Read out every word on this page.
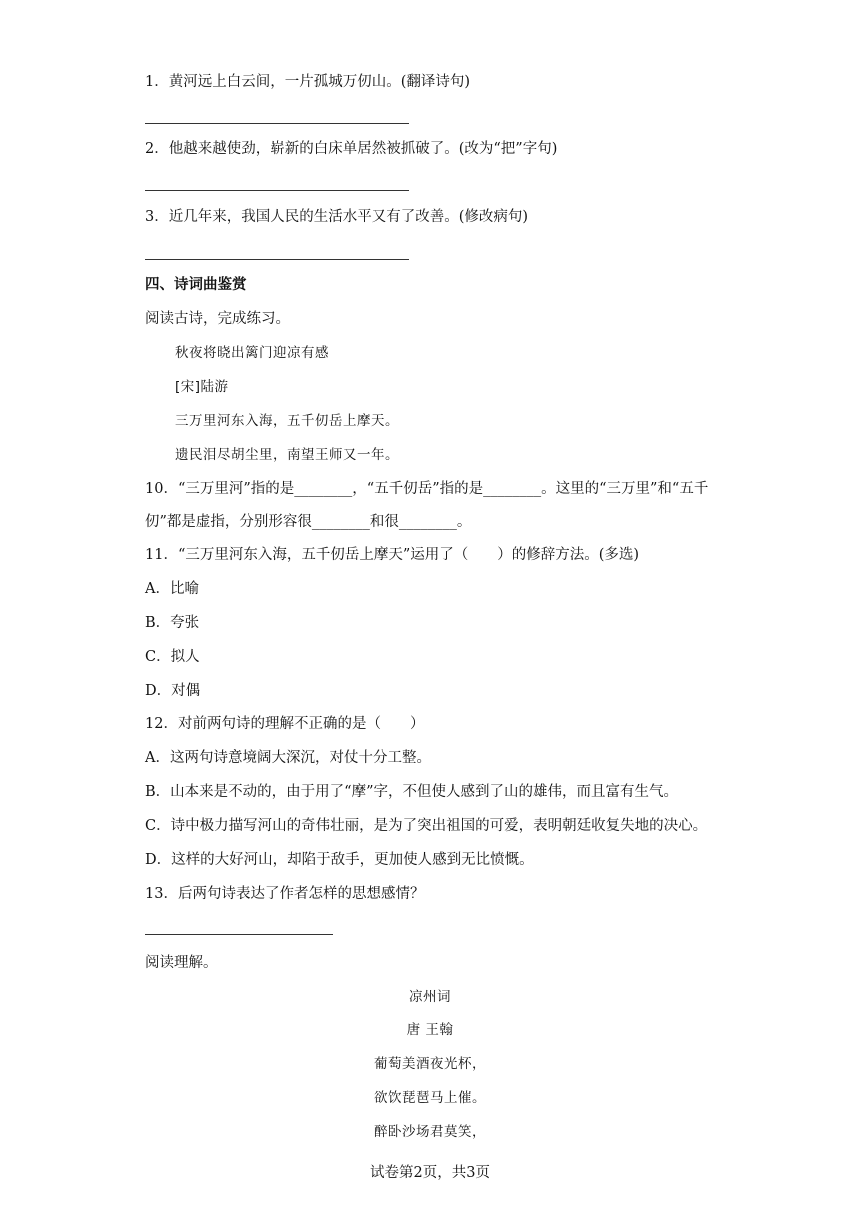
1．黄河远上白云间，一片孤城万仞山。(翻译诗句)
2．他越来越使劲，崭新的白床单居然被抓破了。(改为“把”字句)
3．近几年来，我国人民的生活水平又有了改善。(修改病句)
四、诗词曲鉴赏
阅读古诗，完成练习。
秋夜将晓出篱门迎凉有感
[宋]陆游
三万里河东入海，五千仞岳上摩天。
遗民泪尽胡尘里，南望王师又一年。
10．“三万里河”指的是________，“五千仞岳”指的是________。这里的“三万里”和“五千
仞”都是虚指，分别形容很________和很________。
11．“三万里河东入海，五千仞岳上摩天”运用了（　　）的修辞方法。(多选)
A．比喻
B．夸张
C．拟人
D．对偶
12．对前两句诗的理解不正确的是（　　）
A．这两句诗意境阔大深沉，对仗十分工整。
B．山本来是不动的，由于用了“摩”字，不但使人感到了山的雄伟，而且富有生气。
C．诗中极力描写河山的奇伟壮丽，是为了突出祖国的可爱，表明朝廷收复失地的决心。
D．这样的大好河山，却陷于敌手，更加使人感到无比愤慨。
13．后两句诗表达了作者怎样的思想感情？
阅读理解。
凉州词
唐 王翰
葡萄美酒夜光杯，
欲饮琵琶马上催。
醉卧沙场君莫笑，
试卷第2页，共3页
